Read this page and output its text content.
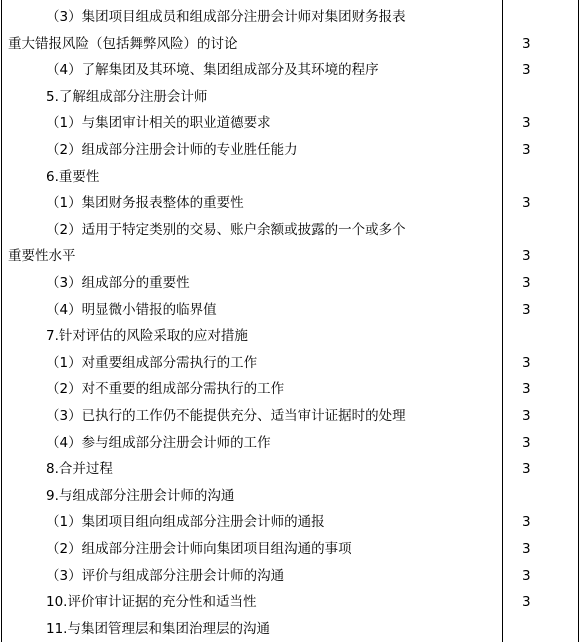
（3）集团项目组成员和组成部分注册会计师对集团财务报表
重大错报风险（包括舞弊风险）的讨论	3
（4）了解集团及其环境、集团组成部分及其环境的程序	3
5.了解组成部分注册会计师
（1）与集团审计相关的职业道德要求	3
（2）组成部分注册会计师的专业胜任能力	3
6.重要性
（1）集团财务报表整体的重要性	3
（2）适用于特定类别的交易、账户余额或披露的一个或多个
重要性水平	3
（3）组成部分的重要性	3
（4）明显微小错报的临界值	3
7.针对评估的风险采取的应对措施
（1）对重要组成部分需执行的工作	3
（2）对不重要的组成部分需执行的工作	3
（3）已执行的工作仍不能提供充分、适当审计证据时的处理	3
（4）参与组成部分注册会计师的工作	3
8.合并过程	3
9.与组成部分注册会计师的沟通
（1）集团项目组向组成部分注册会计师的通报	3
（2）组成部分注册会计师向集团项目组沟通的事项	3
（3）评价与组成部分注册会计师的沟通	3
10.评价审计证据的充分性和适当性	3
11.与集团管理层和集团治理层的沟通
